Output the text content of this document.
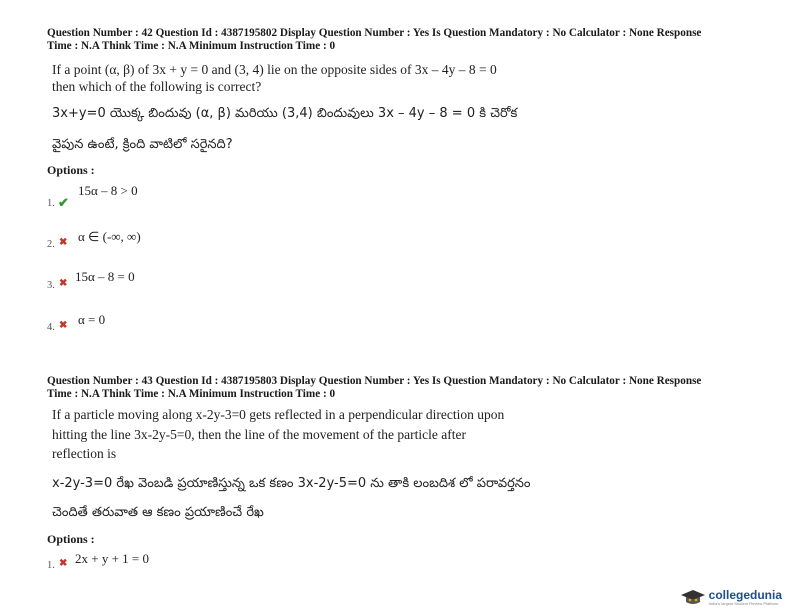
Question Number : 42 Question Id : 4387195802 Display Question Number : Yes Is Question Mandatory : No Calculator : None Response
Time : N.A Think Time : N.A Minimum Instruction Time : 0
If a point (α, β) of 3x + y = 0 and (3, 4) lie on the opposite sides of 3x – 4y – 8 = 0
then which of the following is correct?
3x+y=0 యొక్క బిందువు (α, β) మరియు (3,4) బిందువులు 3x – 4y – 8 = 0 కి చెరోక
వైపున ఉంటే, క్రింది వాటిలో సరైనది?
Options :
1. ✔
15α – 8 > 0
2. ✖ α ∈ (-∞, ∞)
3. ✖ 15α – 8 = 0
4. ✖ α = 0
Question Number : 43 Question Id : 4387195803 Display Question Number : Yes Is Question Mandatory : No Calculator : None Response
Time : N.A Think Time : N.A Minimum Instruction Time : 0
If a particle moving along x-2y-3=0 gets reflected in a perpendicular direction upon
hitting the line 3x-2y-5=0, then the line of the movement of the particle after
reflection is
x-2y-3=0 రేఖ వెంబడి ప్రయాణిస్తున్న ఒక కణం 3x-2y-5=0 ను తాకి లంబదిశ లో పరావర్తనం
చెందితే తరువాత ఆ కణం ప్రయాణించే రేఖ
Options :
1. ✖ 2x + y + 1 = 0
collegedunia
India's largest Student Review Platform
